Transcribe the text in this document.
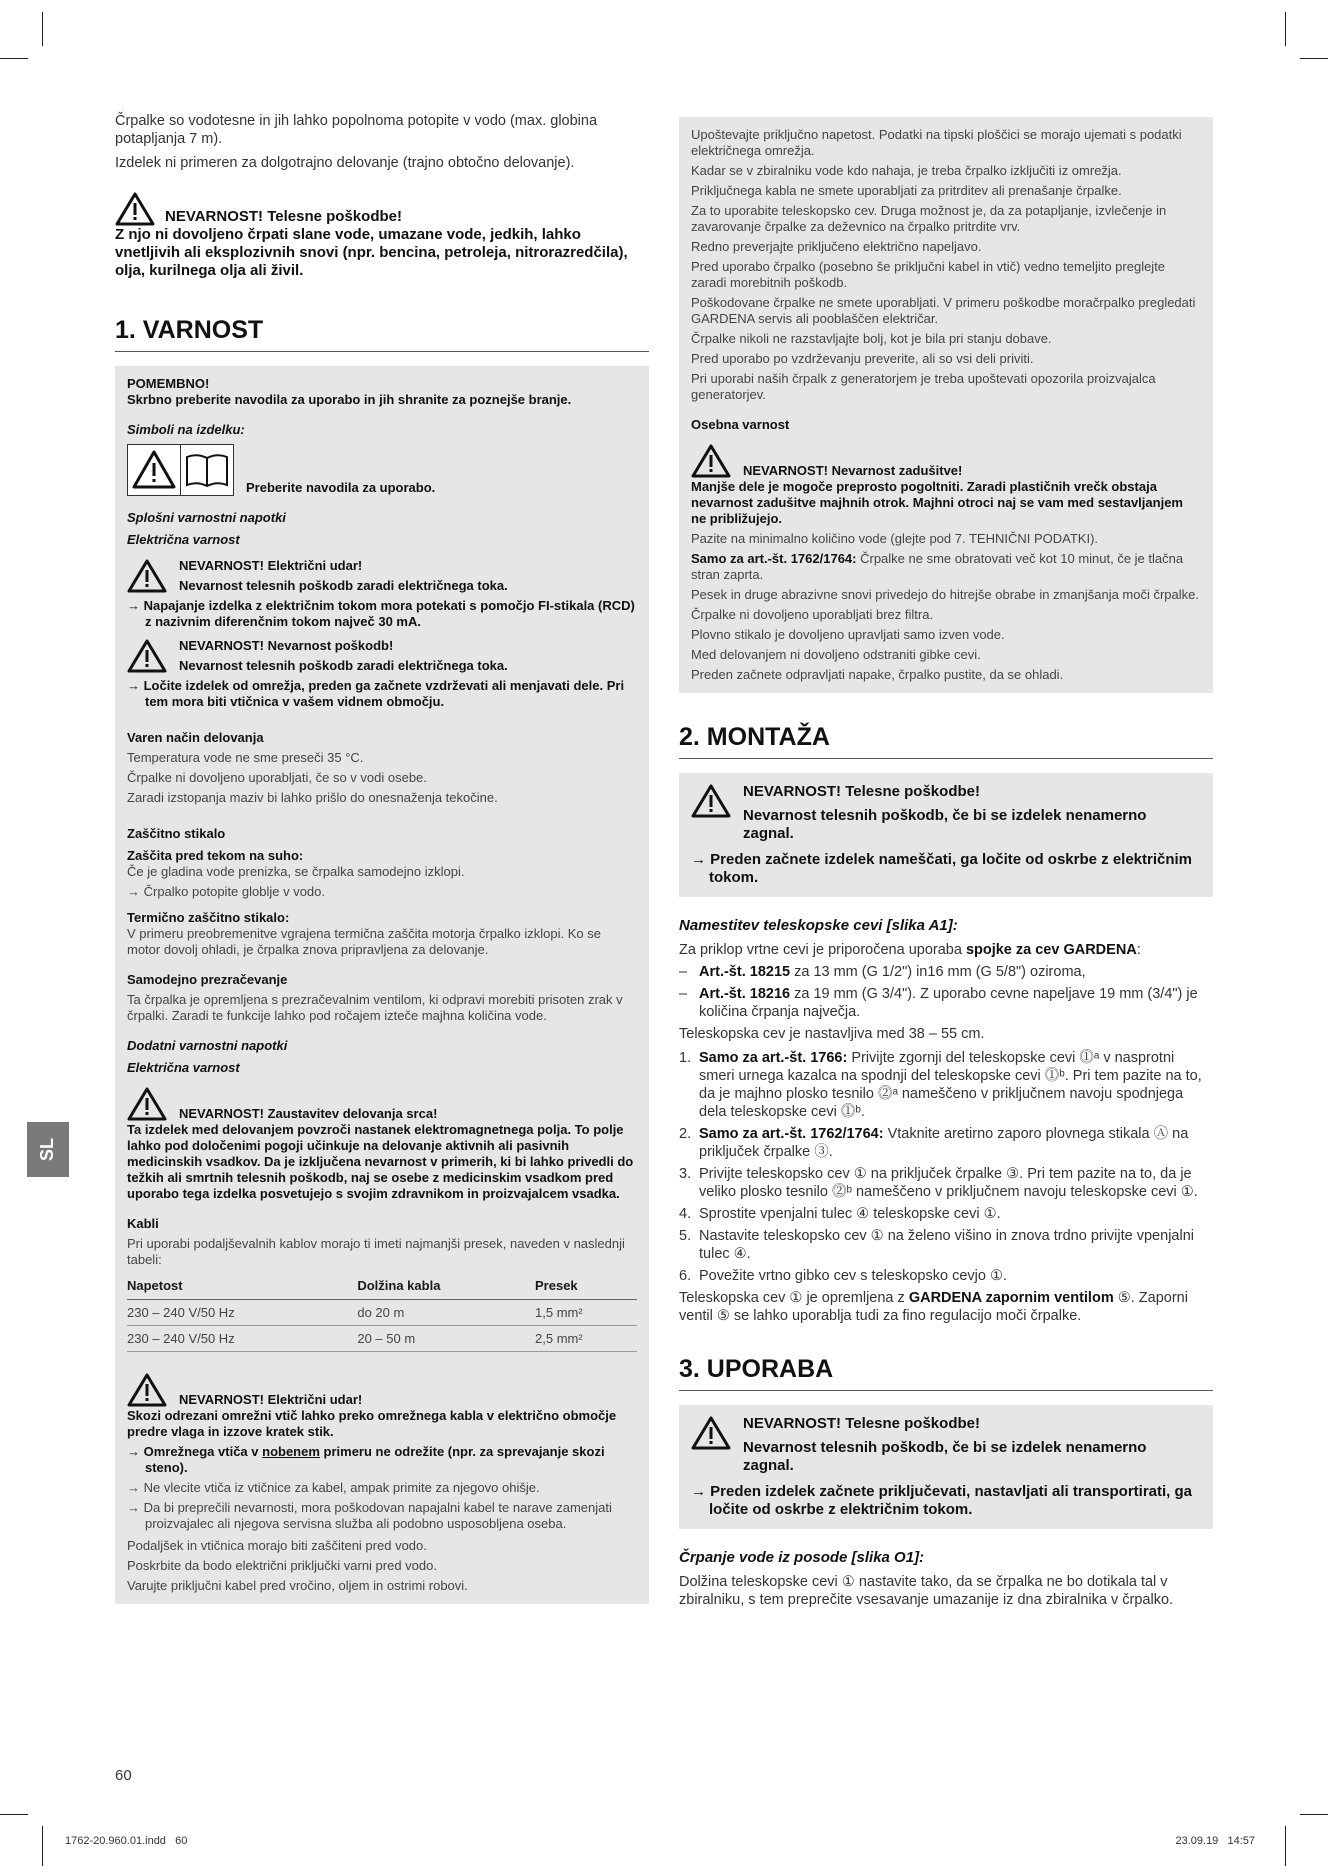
SL

Črpalke so vodotesne in jih lahko popolnoma potopite v vodo (max. globina potapljanja 7 m).

Izdelek ni primeren za dolgotrajno delovanje (trajno obtočno delovanje).

NEVARNOST! Telesne poškodbe!

Z njo ni dovoljeno črpati slane vode, umazane vode, jedkih, lahko vnetljivih ali eksplozivnih snovi (npr. bencina, petroleja, nitrorazredčila), olja, kurilnega olja ali živil.

1. VARNOST

POMEMBNO!

Skrbno preberite navodila za uporabo in jih shranite za poznejše branje.

Simboli na izdelku:

Preberite navodila za uporabo.

Splošni varnostni napotki

Električna varnost

NEVARNOST! Električni udar!

Nevarnost telesnih poškodb zaradi električnega toka.

→ Napajanje izdelka z električnim tokom mora potekati s pomočjo FI-stikala (RCD) z nazivnim diferenčnim tokom največ 30 mA.

NEVARNOST! Nevarnost poškodb!

Nevarnost telesnih poškodb zaradi električnega toka.

→ Ločite izdelek od omrežja, preden ga začnete vzdrževati ali menjavati dele. Pri tem mora biti vtičnica v vašem vidnem območju.

Varen način delovanja

Temperatura vode ne sme preseči 35 °C.

Črpalke ni dovoljeno uporabljati, če so v vodi osebe.

Zaradi izstopanja maziv bi lahko prišlo do onesnaženja tekočine.

Zaščitno stikalo

Zaščita pred tekom na suho:

Če je gladina vode prenizka, se črpalka samodejno izklopi.

→ Črpalko potopite globlje v vodo.

Termično zaščitno stikalo:

V primeru preobremenitve vgrajena termična zaščita motorja črpalko izklopi. Ko se motor dovolj ohladi, je črpalka znova pripravljena za delovanje.

Samodejno prezračevanje

Ta črpalka je opremljena s prezračevalnim ventilom, ki odpravi morebiti prisoten zrak v črpalki. Zaradi te funkcije lahko pod ročajem izteče majhna količina vode.

Dodatni varnostni napotki

Električna varnost

NEVARNOST! Zaustavitev delovanja srca!

Ta izdelek med delovanjem povzroči nastanek elektromagnetnega polja. To polje lahko pod določenimi pogoji učinkuje na delovanje aktivnih ali pasivnih medicinskih vsadkov. Da je izključena nevarnost v primerih, ki bi lahko privedli do težkih ali smrtnih telesnih poškodb, naj se osebe z medicinskim vsadkom pred uporabo tega izdelka posvetujejo s svojim zdravnikom in proizvajalcem vsadka.

Kabli

Pri uporabi podaljševalnih kablov morajo ti imeti najmanjši presek, naveden v naslednji tabeli:

Napetost	Dolžina kabla	Presek
230 – 240 V/50 Hz	do 20 m	1,5 mm²
230 – 240 V/50 Hz	20 – 50 m	2,5 mm²

NEVARNOST! Električni udar!

Skozi odrezani omrežni vtič lahko preko omrežnega kabla v električno območje predre vlaga in izzove kratek stik.

→ Omrežnega vtiča v nobenem primeru ne odrežite (npr. za sprevajanje skozi steno).

→ Ne vlecite vtiča iz vtičnice za kabel, ampak primite za njegovo ohišje.

→ Da bi preprečili nevarnosti, mora poškodovan napajalni kabel te narave zamenjati proizvajalec ali njegova servisna služba ali podobno usposobljena oseba.

Podaljšek in vtičnica morajo biti zaščiteni pred vodo.

Poskrbite da bodo električni priključki varni pred vodo.

Varujte priključni kabel pred vročino, oljem in ostrimi robovi.

Upoštevajte priključno napetost. Podatki na tipski ploščici se morajo ujemati s podatki električnega omrežja.

Kadar se v zbiralniku vode kdo nahaja, je treba črpalko izključiti iz omrežja.

Priključnega kabla ne smete uporabljati za pritrditev ali prenašanje črpalke.

Za to uporabite teleskopsko cev. Druga možnost je, da za potapljanje, izvlečenje in zavarovanje črpalke za deževnico na črpalko pritrdite vrv.

Redno preverjajte priključeno električno napeljavo.

Pred uporabo črpalko (posebno še priključni kabel in vtič) vedno temeljito preglejte zaradi morebitnih poškodb.

Poškodovane črpalke ne smete uporabljati. V primeru poškodbe moračrpalko pregledati GARDENA servis ali pooblaščen električar.

Črpalke nikoli ne razstavljajte bolj, kot je bila pri stanju dobave.

Pred uporabo po vzdrževanju preverite, ali so vsi deli priviti.

Pri uporabi naših črpalk z generatorjem je treba upoštevati opozorila proizvajalca generatorjev.

Osebna varnost

NEVARNOST! Nevarnost zadušitve!

Manjše dele je mogoče preprosto pogoltniti. Zaradi plastičnih vrečk obstaja nevarnost zadušitve majhnih otrok. Majhni otroci naj se vam med sestavljanjem ne približujejo.

Pazite na minimalno količino vode (glejte pod 7. TEHNIČNI PODATKI).

Samo za art.-št. 1762/1764: Črpalke ne sme obratovati več kot 10 minut, če je tlačna stran zaprta.

Pesek in druge abrazivne snovi privedejo do hitrejše obrabe in zmanjšanja moči črpalke.

Črpalke ni dovoljeno uporabljati brez filtra.

Plovno stikalo je dovoljeno upravljati samo izven vode.

Med delovanjem ni dovoljeno odstraniti gibke cevi.

Preden začnete odpravljati napake, črpalko pustite, da se ohladi.

2. MONTAŽA

NEVARNOST! Telesne poškodbe!

Nevarnost telesnih poškodb, če bi se izdelek nenamerno zagnal.

→ Preden začnete izdelek nameščati, ga ločite od oskrbe z električnim tokom.

Namestitev teleskopske cevi [slika A1]:

Za priklop vrtne cevi je priporočena uporaba spojke za cev GARDENA:

– Art.-št. 18215 za 13 mm (G 1/2") in16 mm (G 5/8") oziroma,
– Art.-št. 18216 za 19 mm (G 3/4"). Z uporabo cevne napeljave 19 mm (3/4") je količina črpanja največja.

Teleskopska cev je nastavljiva med 38 – 55 cm.

1. Samo za art.-št. 1766: Privijte zgornji del teleskopske cevi ⓵ᵃ v nasprotni smeri urnega kazalca na spodnji del teleskopske cevi ⓵ᵇ. Pri tem pazite na to, da je majhno plosko tesnilo ⓶ᵃ nameščeno v priključnem navoju spodnjega dela teleskopske cevi ⓵ᵇ.
2. Samo za art.-št. 1762/1764: Vtaknite aretirno zaporo plovnega stikala Ⓐ na priključek črpalke ③.
3. Privijte teleskopsko cev ① na priključek črpalke ③. Pri tem pazite na to, da je veliko plosko tesnilo ⓶ᵇ nameščeno v priključnem navoju teleskopske cevi ①.
4. Sprostite vpenjalni tulec ④ teleskopske cevi ①.
5. Nastavite teleskopsko cev ① na želeno višino in znova trdno privijte vpenjalni tulec ④.
6. Povežite vrtno gibko cev s teleskopsko cevjo ①.

Teleskopska cev ① je opremljena z GARDENA zapornim ventilom ⑤. Zaporni ventil ⑤ se lahko uporablja tudi za fino regulacijo moči črpalke.

3. UPORABA

NEVARNOST! Telesne poškodbe!

Nevarnost telesnih poškodb, če bi se izdelek nenamerno zagnal.

→ Preden izdelek začnete priključevati, nastavljati ali transportirati, ga ločite od oskrbe z električnim tokom.

Črpanje vode iz posode [slika O1]:

Dolžina teleskopske cevi ① nastavite tako, da se črpalka ne bo dotikala tal v zbiralniku, s tem preprečite vsesavanje umazanije iz dna zbiralnika v črpalko.

60
1762-20.960.01.indd   60	23.09.19   14:57
